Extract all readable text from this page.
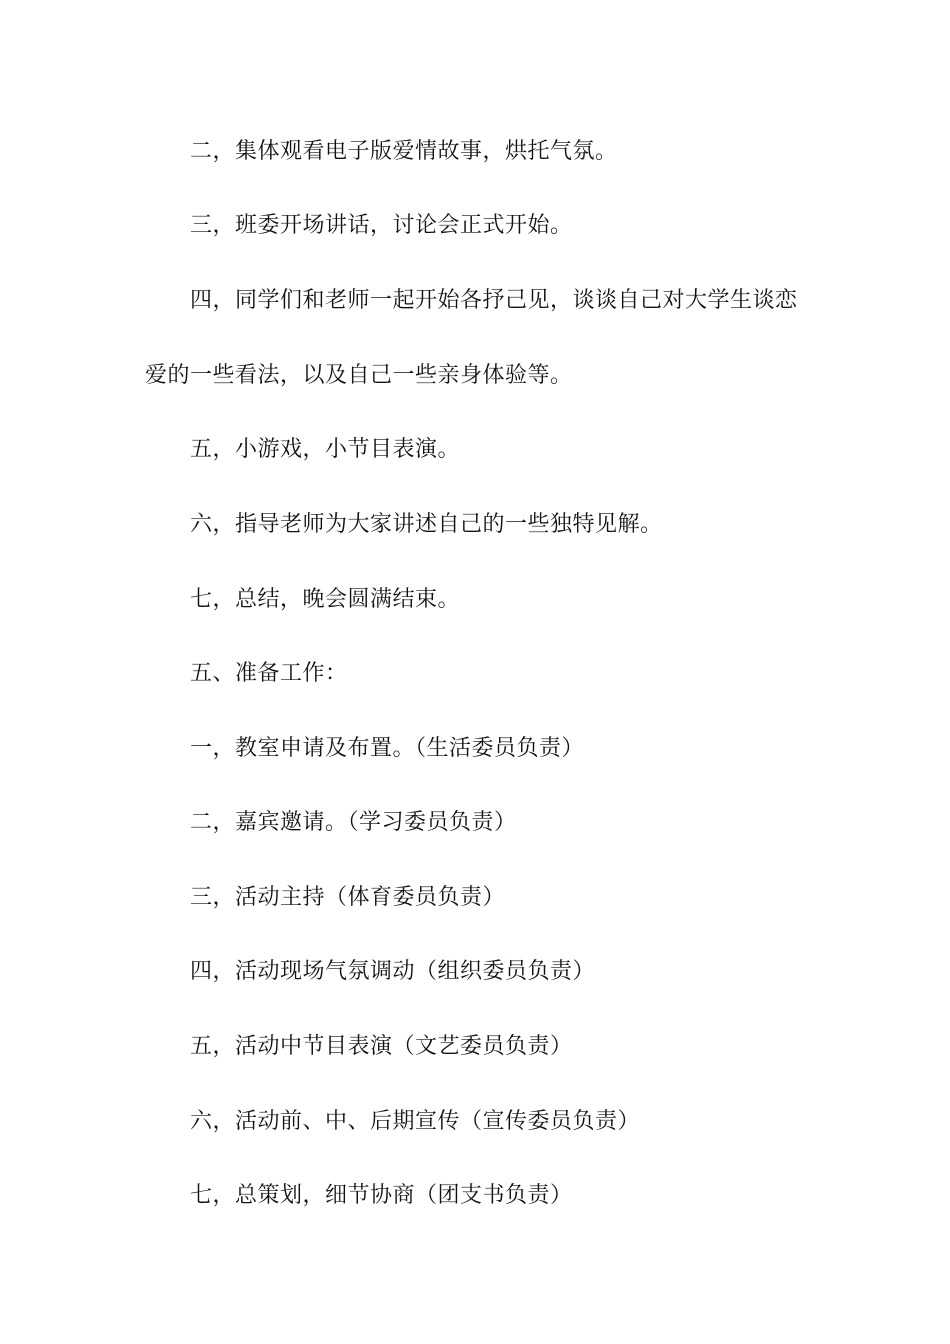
二，集体观看电子版爱情故事，烘托气氛。
三，班委开场讲话，讨论会正式开始。
四，同学们和老师一起开始各抒己见，谈谈自己对大学生谈恋
爱的一些看法，以及自己一些亲身体验等。
五，小游戏，小节目表演。
六，指导老师为大家讲述自己的一些独特见解。
七，总结，晚会圆满结束。
五、准备工作：
一，教室申请及布置。（生活委员负责）
二，嘉宾邀请。（学习委员负责）
三，活动主持（体育委员负责）
四，活动现场气氛调动（组织委员负责）
五，活动中节目表演（文艺委员负责）
六，活动前、中、后期宣传（宣传委员负责）
七，总策划，细节协商（团支书负责）
